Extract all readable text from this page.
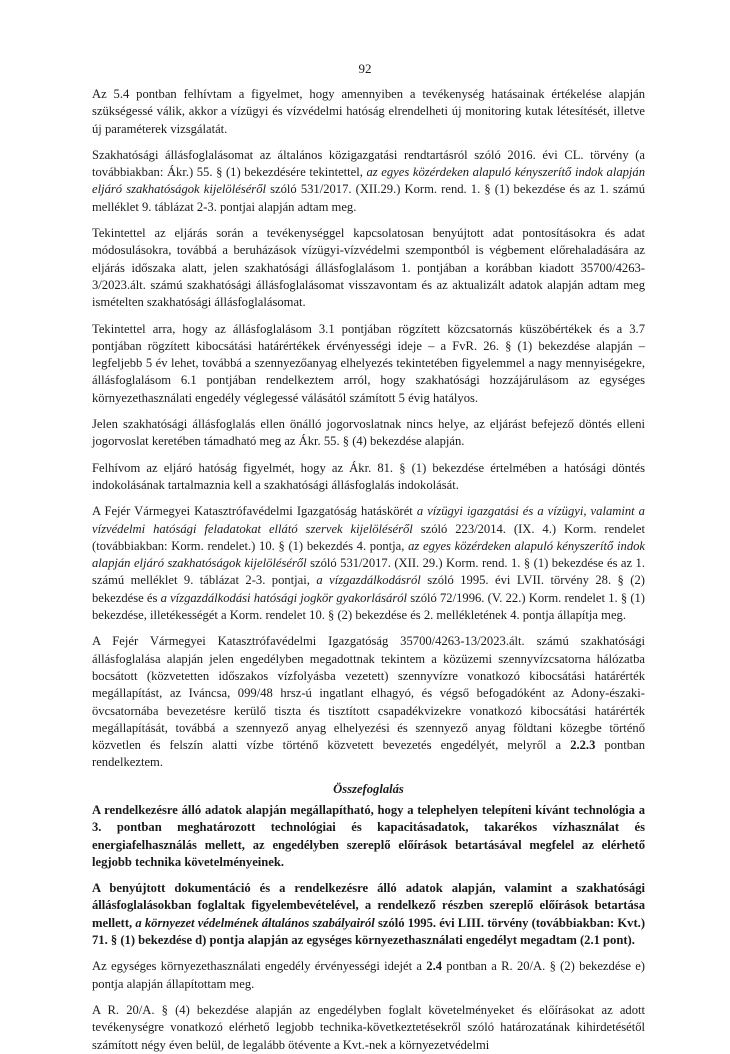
92

Az 5.4 pontban felhívtam a figyelmet, hogy amennyiben a tevékenység hatásainak értékelése alapján szükségessé válik, akkor a vízügyi és vízvédelmi hatóság elrendelheti új monitoring kutak létesítését, illetve új paraméterek vizsgálatát.

Szakhatósági állásfoglalásomat az általános közigazgatási rendtartásról szóló 2016. évi CL. törvény (a továbbiakban: Ákr.) 55. § (1) bekezdésére tekintettel, az egyes közérdeken alapuló kényszerítő indok alapján eljáró szakhatóságok kijelöléséről szóló 531/2017. (XII.29.) Korm. rend. 1. § (1) bekezdése és az 1. számú melléklet 9. táblázat 2-3. pontjai alapján adtam meg.

Tekintettel az eljárás során a tevékenységgel kapcsolatosan benyújtott adat pontosításokra és adat módosulásokra, továbbá a beruházások vízügyi-vízvédelmi szempontból is végbement előrehaladására az eljárás időszaka alatt, jelen szakhatósági állásfoglalásom 1. pontjában a korábban kiadott 35700/4263-3/2023.ált. számú szakhatósági állásfoglalásomat visszavontam és az aktualizált adatok alapján adtam meg ismételten szakhatósági állásfoglalásomat.

Tekintettel arra, hogy az állásfoglalásom 3.1 pontjában rögzített közcsatornás küszöbértékek és a 3.7 pontjában rögzített kibocsátási határértékek érvényességi ideje – a FvR. 26. § (1) bekezdése alapján – legfeljebb 5 év lehet, továbbá a szennyezőanyag elhelyezés tekintetében figyelemmel a nagy mennyiségekre, állásfoglalásom 6.1 pontjában rendelkeztem arról, hogy szakhatósági hozzájárulásom az egységes környezethasználati engedély véglegessé válásától számított 5 évig hatályos.

Jelen szakhatósági állásfoglalás ellen önálló jogorvoslatnak nincs helye, az eljárást befejező döntés elleni jogorvoslat keretében támadható meg az Ákr. 55. § (4) bekezdése alapján.

Felhívom az eljáró hatóság figyelmét, hogy az Ákr. 81. § (1) bekezdése értelmében a hatósági döntés indokolásának tartalmaznia kell a szakhatósági állásfoglalás indokolását.

A Fejér Vármegyei Katasztrófavédelmi Igazgatóság hatáskörét a vízügyi igazgatási és a vízügyi, valamint a vízvédelmi hatósági feladatokat ellátó szervek kijelöléséről szóló 223/2014. (IX. 4.) Korm. rendelet (továbbiakban: Korm. rendelet.) 10. § (1) bekezdés 4. pontja, az egyes közérdeken alapuló kényszerítő indok alapján eljáró szakhatóságok kijelöléséről szóló 531/2017. (XII. 29.) Korm. rend. 1. § (1) bekezdése és az 1. számú melléklet 9. táblázat 2-3. pontjai, a vízgazdálkodásról szóló 1995. évi LVII. törvény 28. § (2) bekezdése és a vízgazdálkodási hatósági jogkör gyakorlásáról szóló 72/1996. (V. 22.) Korm. rendelet 1. § (1) bekezdése, illetékességét a Korm. rendelet 10. § (2) bekezdése és 2. mellékletének 4. pontja állapítja meg.

A Fejér Vármegyei Katasztrófavédelmi Igazgatóság 35700/4263-13/2023.ált. számú szakhatósági állásfoglalása alapján jelen engedélyben megadottnak tekintem a közüzemi szennyvízcsatorna hálózatba bocsátott (közvetetten időszakos vízfolyásba vezetett) szennyvízre vonatkozó kibocsátási határérték megállapítást, az Iváncsa, 099/48 hrsz-ú ingatlant elhagyó, és végső befogadóként az Adony-északi-övcsatornába bevezetésre kerülő tiszta és tisztított csapadékvizekre vonatkozó kibocsátási határérték megállapítását, továbbá a szennyező anyag elhelyezési és szennyező anyag földtani közegbe történő közvetlen és felszín alatti vízbe történő közvetett bevezetés engedélyét, melyről a 2.2.3 pontban rendelkeztem.

Összefoglalás

A rendelkezésre álló adatok alapján megállapítható, hogy a telephelyen telepíteni kívánt technológia a 3. pontban meghatározott technológiai és kapacitásadatok, takarékos vízhasználat és energiafelhasználás mellett, az engedélyben szereplő előírások betartásával megfelel az elérhető legjobb technika követelményeinek.

A benyújtott dokumentáció és a rendelkezésre álló adatok alapján, valamint a szakhatósági állásfoglalásokban foglaltak figyelembevételével, a rendelkező részben szereplő előírások betartása mellett, a környezet védelmének általános szabályairól szóló 1995. évi LIII. törvény (továbbiakban: Kvt.) 71. § (1) bekezdése d) pontja alapján az egységes környezethasználati engedélyt megadtam (2.1 pont).

Az egységes környezethasználati engedély érvényességi idejét a 2.4 pontban a R. 20/A. § (2) bekezdése e) pontja alapján állapítottam meg.

A R. 20/A. § (4) bekezdése alapján az engedélyben foglalt követelményeket és előírásokat az adott tevékenységre vonatkozó elérhető legjobb technika-következtetésekről szóló határozatának kihirdetésétől számított négy éven belül, de legalább ötévente a Kvt.-nek a környezetvédelmi
